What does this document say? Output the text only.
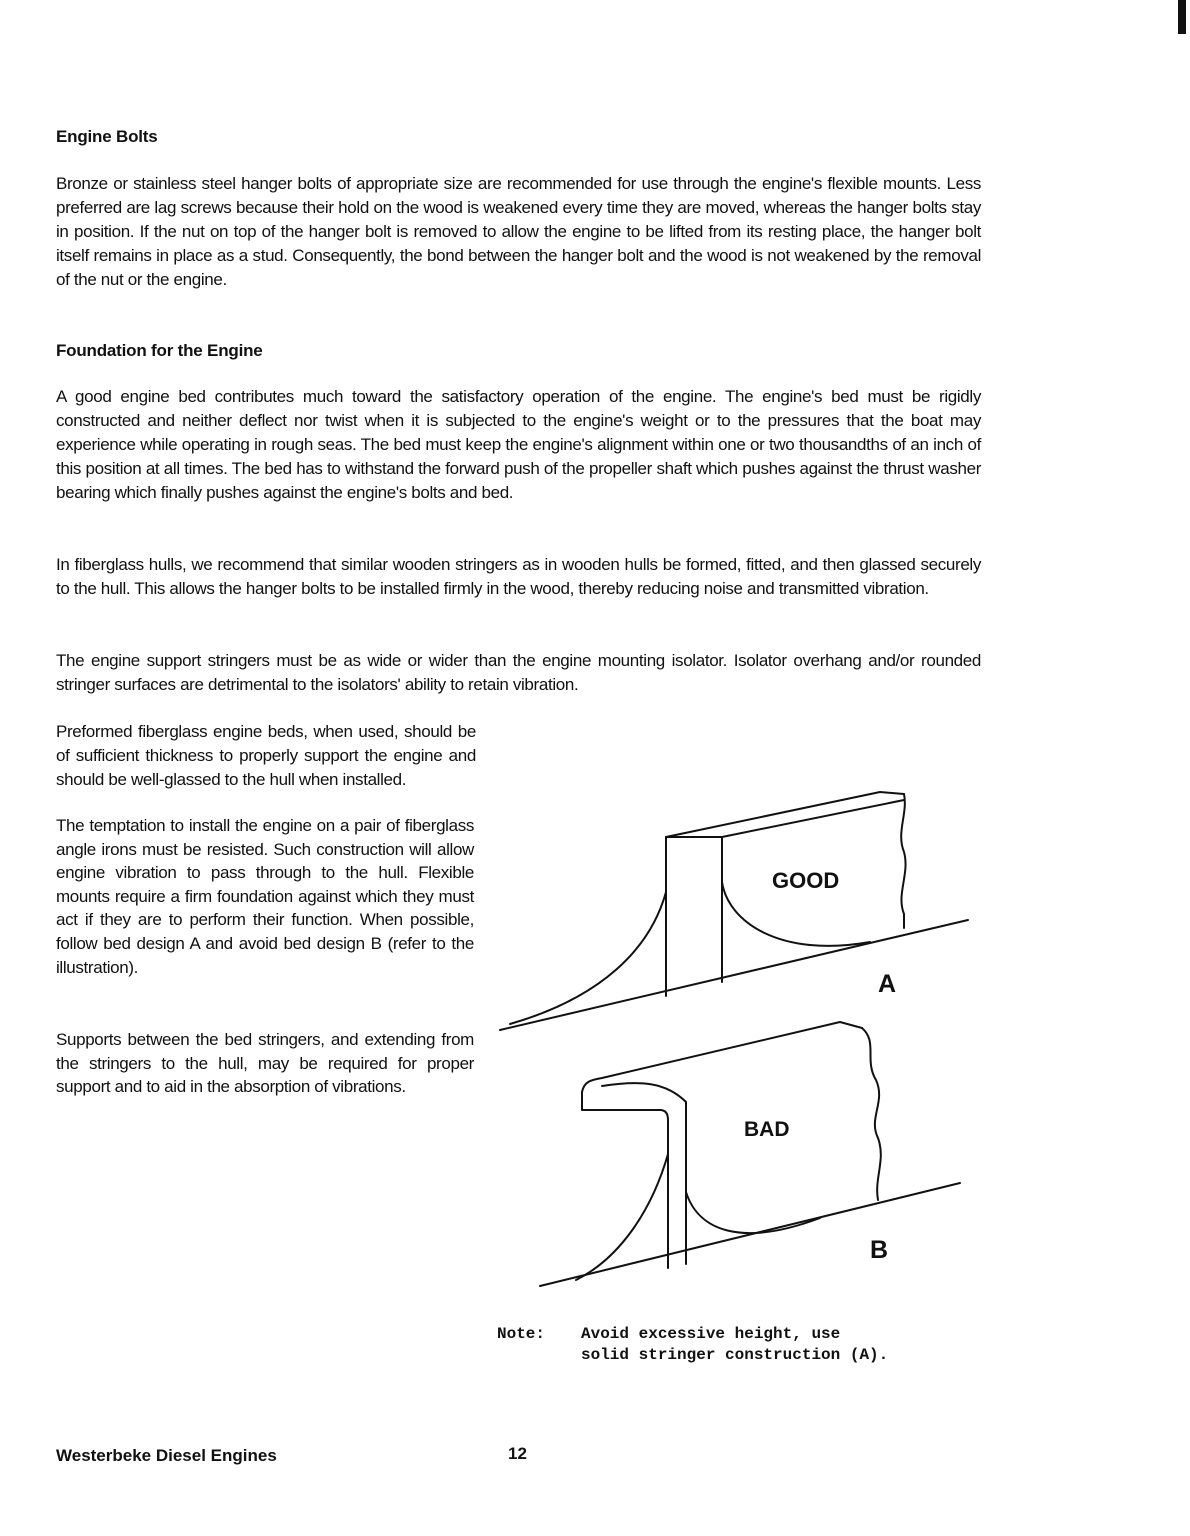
Engine Bolts

Bronze or stainless steel hanger bolts of appropriate size are recommended for use through the engine's flexible mounts. Less preferred are lag screws because their hold on the wood is weakened every time they are moved, whereas the hanger bolts stay in position. If the nut on top of the hanger bolt is removed to allow the engine to be lifted from its resting place, the hanger bolt itself remains in place as a stud. Consequently, the bond between the hanger bolt and the wood is not weakened by the removal of the nut or the engine.

Foundation for the Engine

A good engine bed contributes much toward the satisfactory operation of the engine. The engine's bed must be rigidly constructed and neither deflect nor twist when it is subjected to the engine's weight or to the pressures that the boat may experience while operating in rough seas. The bed must keep the engine's alignment within one or two thousandths of an inch of this position at all times. The bed has to withstand the forward push of the propeller shaft which pushes against the thrust washer bearing which finally pushes against the engine's bolts and bed.

In fiberglass hulls, we recommend that similar wooden stringers as in wooden hulls be formed, fitted, and then glassed securely to the hull. This allows the hanger bolts to be installed firmly in the wood, thereby reducing noise and transmitted vibration.

The engine support stringers must be as wide or wider than the engine mounting isolator. Isolator overhang and/or rounded stringer surfaces are detrimental to the isolators' ability to retain vibration.

Preformed fiberglass engine beds, when used, should be of sufficient thickness to properly support the engine and should be well-glassed to the hull when installed.

The temptation to install the engine on a pair of fiberglass angle irons must be resisted. Such construction will allow engine vibration to pass through to the hull. Flexible mounts require a firm foundation against which they must act if they are to perform their function. When possible, follow bed design A and avoid bed design B (refer to the illustration).

Supports between the bed stringers, and extending from the stringers to the hull, may be required for proper support and to aid in the absorption of vibrations.

GOOD
A
BAD
B
Note: Avoid excessive height, use
solid stringer construction (A).

Westerbeke Diesel Engines	12
